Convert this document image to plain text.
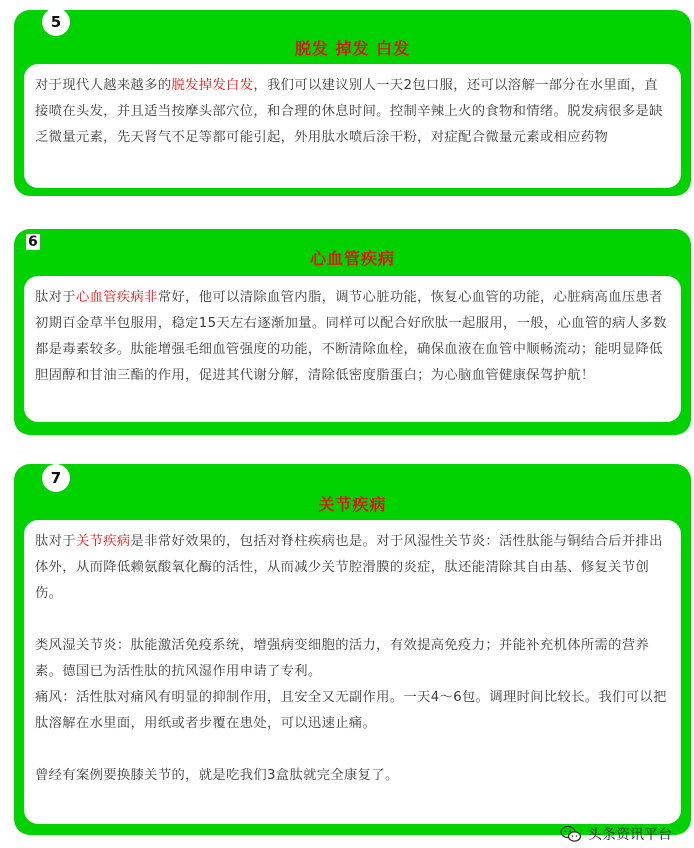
5
脱发 掉发 白发

对于现代人越来越多的脱发掉发白发，我们可以建议别人一天2包口服，还可以溶解一部分在水里面，直接喷在头发，并且适当按摩头部穴位，和合理的休息时间。控制辛辣上火的食物和情绪。脱发病很多是缺乏微量元素，先天肾气不足等都可能引起，外用肽水喷后涂干粉，对症配合微量元素或相应药物

6
心血管疾病

肽对于心血管疾病非常好，他可以清除血管内脂，调节心脏功能，恢复心血管的功能，心脏病高血压患者初期百金草半包服用，稳定15天左右逐渐加量。同样可以配合好欣肽一起服用，一般，心血管的病人多数都是毒素较多。肽能增强毛细血管强度的功能，不断清除血栓，确保血液在血管中顺畅流动；能明显降低胆固醇和甘油三酯的作用，促进其代谢分解，清除低密度脂蛋白；为心脑血管健康保驾护航！

7
关节疾病

肽对于关节疾病是非常好效果的，包括对脊柱疾病也是。对于风湿性关节炎：活性肽能与铜结合后并排出体外，从而降低赖氨酸氧化酶的活性，从而减少关节腔滑膜的炎症，肽还能清除其自由基、修复关节创伤。

类风湿关节炎：肽能激活免疫系统，增强病变细胞的活力，有效提高免疫力；并能补充机体所需的营养素。德国已为活性肽的抗风湿作用申请了专利。

痛风：活性肽对痛风有明显的抑制作用，且安全又无副作用。一天4～6包。调理时间比较长。我们可以把肽溶解在水里面，用纸或者步覆在患处，可以迅速止痛。

曾经有案例要换膝关节的，就是吃我们3盒肽就完全康复了。

头条资讯平台
